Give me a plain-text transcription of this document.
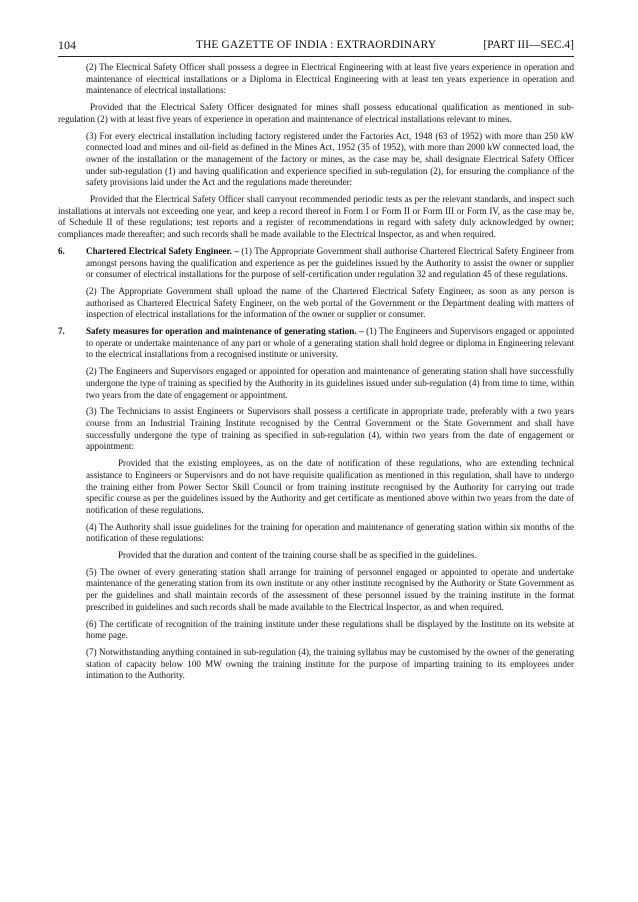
104	THE GAZETTE OF INDIA : EXTRAORDINARY	[PART III—SEC.4]

(2) The Electrical Safety Officer shall possess a degree in Electrical Engineering with at least five years experience in operation and maintenance of electrical installations or a Diploma in Electrical Engineering with at least ten years experience in operation and maintenance of electrical installations:

Provided that the Electrical Safety Officer designated for mines shall possess educational qualification as mentioned in sub-regulation (2) with at least five years of experience in operation and maintenance of electrical installations relevant to mines.

(3) For every electrical installation including factory registered under the Factories Act, 1948 (63 of 1952) with more than 250 kW connected load and mines and oil-field as defined in the Mines Act, 1952 (35 of 1952), with more than 2000 kW connected load, the owner of the installation or the management of the factory or mines, as the case may be, shall designate Electrical Safety Officer under sub-regulation (1) and having qualification and experience specified in sub-regulation (2), for ensuring the compliance of the safety provisions laid under the Act and the regulations made thereunder:

Provided that the Electrical Safety Officer shall carryout recommended periodic tests as per the relevant standards, and inspect such installations at intervals not exceeding one year, and keep a record thereof in Form I or Form II or Form III or Form IV, as the case may be, of Schedule II of these regulations; test reports and a register of recommendations in regard with safety duly acknowledged by owner; compliances made thereafter; and such records shall be made available to the Electrical Inspector, as and when required.

6. Chartered Electrical Safety Engineer. – (1) The Appropriate Government shall authorise Chartered Electrical Safety Engineer from amongst persons having the qualification and experience as per the guidelines issued by the Authority to assist the owner or supplier or consumer of electrical installations for the purpose of self-certification under regulation 32 and regulation 45 of these regulations.

(2) The Appropriate Government shall upload the name of the Chartered Electrical Safety Engineer, as soon as any person is authorised as Chartered Electrical Safety Engineer, on the web portal of the Government or the Department dealing with matters of inspection of electrical installations for the information of the owner or supplier or consumer.

7. Safety measures for operation and maintenance of generating station. – (1) The Engineers and Supervisors engaged or appointed to operate or undertake maintenance of any part or whole of a generating station shall hold degree or diploma in Engineering relevant to the electrical installations from a recognised institute or university.

(2) The Engineers and Supervisors engaged or appointed for operation and maintenance of generating station shall have successfully undergone the type of training as specified by the Authority in its guidelines issued under sub-regulation (4) from time to time, within two years from the date of engagement or appointment.

(3) The Technicians to assist Engineers or Supervisors shall possess a certificate in appropriate trade, preferably with a two years course from an Industrial Training Institute recognised by the Central Government or the State Government and shall have successfully undergone the type of training as specified in sub-regulation (4), within two years from the date of engagement or appointment:

Provided that the existing employees, as on the date of notification of these regulations, who are extending technical assistance to Engineers or Supervisors and do not have requisite qualification as mentioned in this regulation, shall have to undergo the training either from Power Sector Skill Council or from training institute recognised by the Authority for carrying out trade specific course as per the guidelines issued by the Authority and get certificate as mentioned above within two years from the date of notification of these regulations.

(4) The Authority shall issue guidelines for the training for operation and maintenance of generating station within six months of the notification of these regulations:

Provided that the duration and content of the training course shall be as specified in the guidelines.

(5) The owner of every generating station shall arrange for training of personnel engaged or appointed to operate and undertake maintenance of the generating station from its own institute or any other institute recognised by the Authority or State Government as per the guidelines and shall maintain records of the assessment of these personnel issued by the training institute in the format prescribed in guidelines and such records shall be made available to the Electrical Inspector, as and when required.

(6) The certificate of recognition of the training institute under these regulations shall be displayed by the Institute on its website at home page.

(7) Notwithstanding anything contained in sub-regulation (4), the training syllabus may be customised by the owner of the generating station of capacity below 100 MW owning the training institute for the purpose of imparting training to its employees under intimation to the Authority.
